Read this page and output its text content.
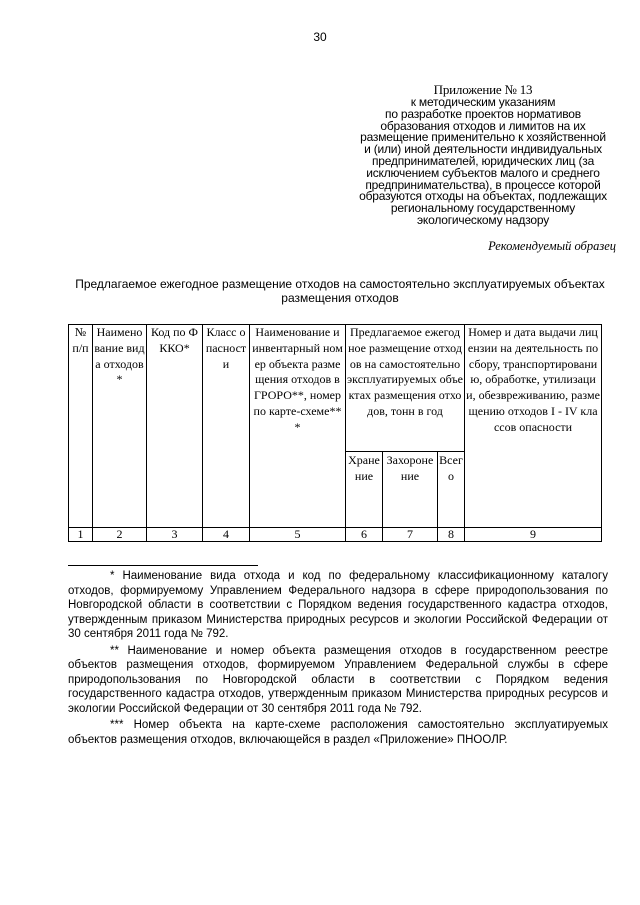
30
Приложение № 13
к методическим указаниям
по разработке проектов нормативов
образования отходов и лимитов на их
размещение применительно к хозяйственной
и (или) иной деятельности индивидуальных
предпринимателей, юридических лиц (за
исключением субъектов малого и среднего
предпринимательства), в процессе которой
образуются отходы на объектах, подлежащих
региональному государственному
экологическому надзору
Рекомендуемый образец
Предлагаемое ежегодное размещение отходов на самостоятельно эксплуатируемых объектах
размещения отходов
№ п/п	Наименование вида отходов *	Код по ФККО*	Класс опасности	Наименование и инвентарный номер объекта размещения отходов в ГРОРО**, номер по карте-схеме***	Предлагаемое ежегодное размещение отходов на самостоятельно эксплуатируемых объектах размещения отходов, тонн в год			Номер и дата выдачи лицензии на деятельность по сбору, транспортированию, обработке, утилизации, обезвреживанию, размещению отходов I - IV классов опасности
					Хранение	Захоронение	Всего	
1	2	3	4	5	6	7	8	9

* Наименование вида отхода и код по федеральному классификационному каталогу отходов, формируемому Управлением Федерального надзора в сфере природопользования по Новгородской области в соответствии с Порядком ведения государственного кадастра отходов, утвержденным приказом Министерства природных ресурсов и экологии Российской Федерации от 30 сентября 2011 года № 792.

** Наименование и номер объекта размещения отходов в государственном реестре объектов размещения отходов, формируемом Управлением Федеральной службы в сфере природопользования по Новгородской области в соответствии с Порядком ведения государственного кадастра отходов, утвержденным приказом Министерства природных ресурсов и экологии Российской Федерации от 30 сентября 2011 года № 792.

*** Номер объекта на карте-схеме расположения самостоятельно эксплуатируемых объектов размещения отходов, включающейся в раздел «Приложение» ПНООЛР.
